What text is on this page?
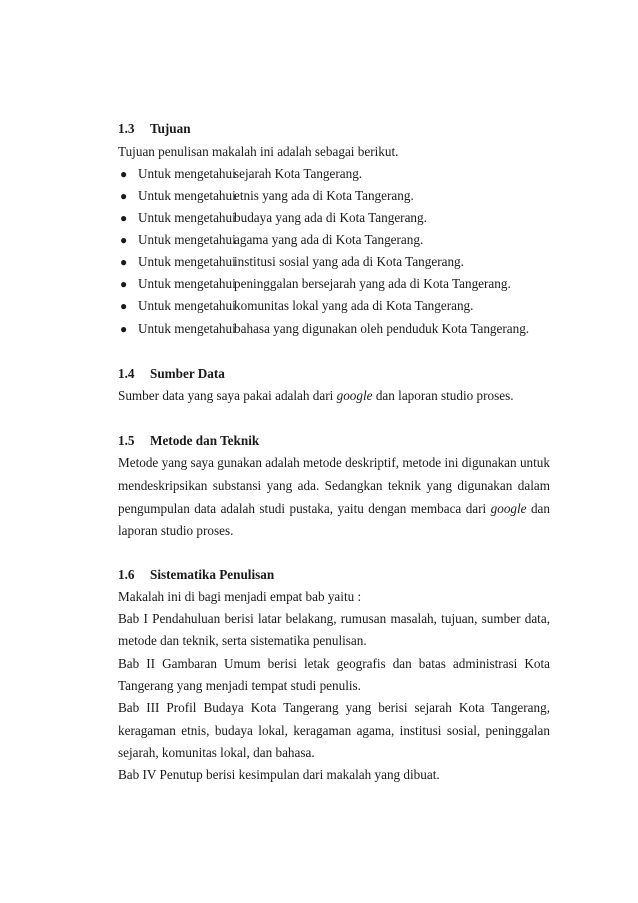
1.3 Tujuan
Tujuan penulisan makalah ini adalah sebagai berikut.
● Untuk mengetahui
sejarah Kota Tangerang.
● Untuk mengetahui
etnis yang ada di Kota Tangerang.
● Untuk mengetahui
budaya yang ada di Kota Tangerang.
● Untuk mengetahui
agama yang ada di Kota Tangerang.
● Untuk mengetahui
institusi sosial yang ada di Kota Tangerang.
● Untuk mengetahui
peninggalan bersejarah yang ada di Kota Tangerang.
● Untuk mengetahui
komunitas lokal yang ada di Kota Tangerang.
● Untuk mengetahui
bahasa yang digunakan oleh penduduk Kota Tangerang.
1.4 Sumber Data
Sumber data yang saya pakai adalah dari google dan laporan studio proses.
1.5 Metode dan Teknik
Metode yang saya gunakan adalah metode deskriptif, metode ini digunakan untuk
mendeskripsikan substansi yang ada. Sedangkan teknik yang digunakan dalam
pengumpulan data adalah studi pustaka, yaitu dengan membaca dari google dan
laporan studio proses.
1.6 Sistematika Penulisan
Makalah ini di bagi menjadi empat bab yaitu :
Bab I Pendahuluan berisi latar belakang, rumusan masalah, tujuan, sumber data,
metode dan teknik, serta sistematika penulisan.
Bab II Gambaran Umum berisi letak geografis dan batas administrasi Kota
Tangerang yang menjadi tempat studi penulis.
Bab III Profil Budaya Kota Tangerang yang berisi sejarah Kota Tangerang,
keragaman etnis, budaya lokal, keragaman agama, institusi sosial, peninggalan
sejarah, komunitas lokal, dan bahasa.
Bab IV Penutup berisi kesimpulan dari makalah yang dibuat.
